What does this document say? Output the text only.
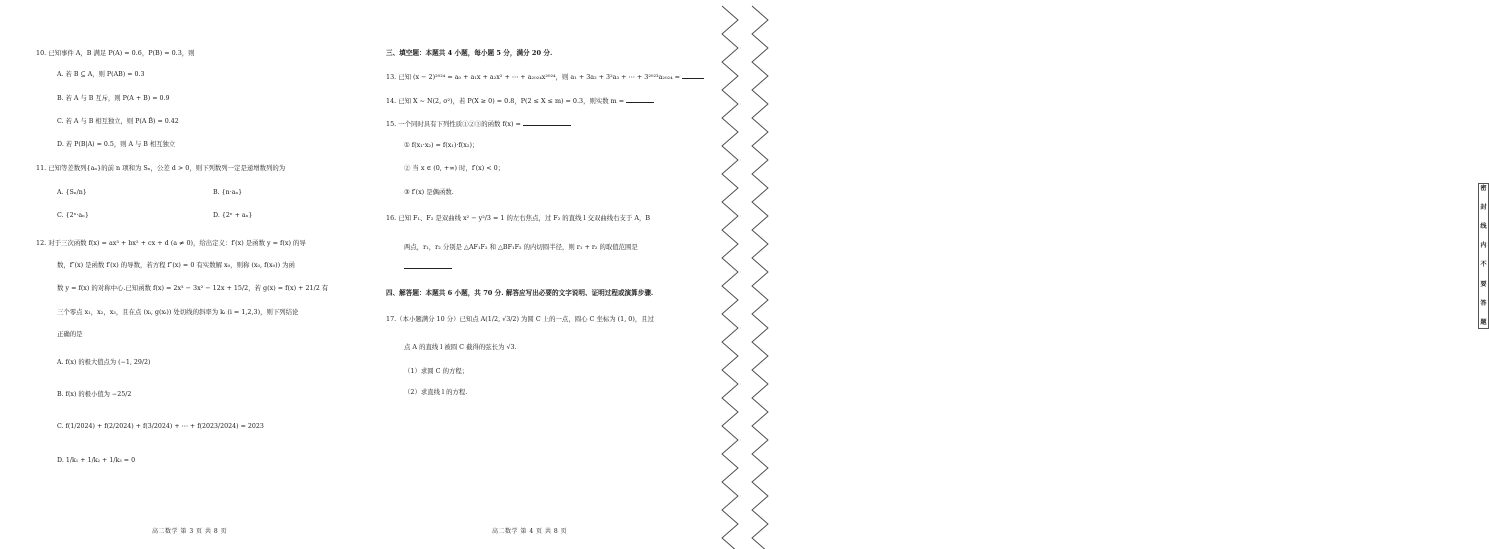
10. 已知事件 A，B 满足 P(A) = 0.6，P(B) = 0.3，则
A. 若 B ⊆ A，则 P(AB) = 0.3
B. 若 A 与 B 互斥，则 P(A + B) = 0.9
C. 若 A 与 B 相互独立，则 P(A B̄) = 0.42
D. 若 P(B|A) = 0.5，则 A 与 B 相互独立
11. 已知等差数列{aₙ}的前 n 项和为 Sₙ，公差 d > 0，则下列数列一定是递增数列的为
A. {Sₙ/n}	B. {n·aₙ}
C. {2ⁿ·aₙ}	D. {2ⁿ + aₙ}
12. 对于三次函数 f(x) = ax³ + bx² + cx + d (a ≠ 0)，给出定义：f′(x) 是函数 y = f(x) 的导
数，f″(x) 是函数 f′(x) 的导数，若方程 f″(x) = 0 有实数解 x₀，则称 (x₀, f(x₀)) 为函
数 y = f(x) 的对称中心.已知函数 f(x) = 2x³ − 3x² − 12x + 15/2，若 g(x) = f(x) + 21/2 有
三个零点 x₁，x₂，x₃，且在点 (xᵢ, g(xᵢ)) 处切线的斜率为 kᵢ (i = 1,2,3)，则下列结论
正确的是
A. f(x) 的极大值点为 (−1, 29/2)
B. f(x) 的极小值为 −25/2
C. f(1/2024) + f(2/2024) + f(3/2024) + ⋯ + f(2023/2024) = 2023
D. 1/k₁ + 1/k₂ + 1/k₃ = 0
高二数学 第 3 页 共 8 页
三、填空题：本题共 4 小题，每小题 5 分，满分 20 分.
13. 已知 (x − 2)²⁰²⁴ = a₀ + a₁x + a₂x² + ⋯ + a₂₀₂₄x²⁰²⁴，则 a₁ + 3a₂ + 3²a₃ + ⋯ + 3²⁰²³a₂₀₂₄ =
14. 已知 X ~ N(2, σ²)，若 P(X ≥ 0) = 0.8，P(2 ≤ X ≤ m) = 0.3，则实数 m =
15. 一个同时具有下列性质①②③的函数 f(x) =
① f(x₁·x₂) = f(x₁)·f(x₂)；
② 当 x ∈ (0, +∞) 时，f′(x) < 0；
③ f′(x) 是偶函数.
16. 已知 F₁、F₂ 是双曲线 x² − y²/3 = 1 的左右焦点，过 F₂ 的直线 l 交双曲线右支于 A，B
两点，r₁，r₂ 分别是 △AF₁F₂ 和 △BF₁F₂ 的内切圆半径，则 r₁ + r₂ 的取值范围是
四、解答题：本题共 6 小题，共 70 分. 解答应写出必要的文字说明、证明过程或演算步骤.
17.（本小题满分 10 分）已知点 A(1/2, √3/2) 为圆 C 上的一点，圆心 C 坐标为 (1, 0)，且过
点 A 的直线 l 被圆 C 截得的弦长为 √3.
（1）求圆 C 的方程；
（2）求直线 l 的方程.
高二数学 第 4 页 共 8 页
密
封
线
内
不
要
答
题
